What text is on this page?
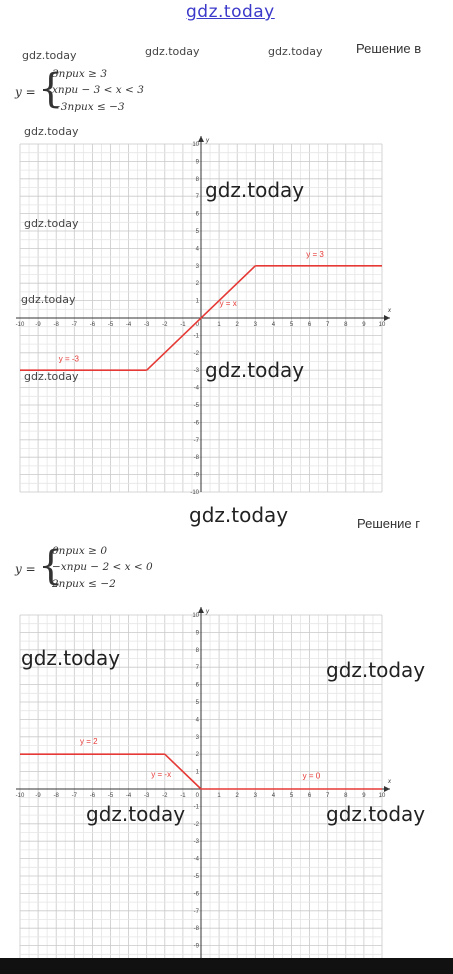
gdz.today
gdz.today	gdz.today	gdz.today	Решение в
y = {
3приx ≥ 3
xпри − 3 < x < 3
−3приx ≤ −3
x
y
-10 -9 -8 -7 -6 -5 -4 -3 -2 -1	1 2 3 4 5 6 7 8 9 10
-10
-9
-8
-7
-6
-5
-4
-3
-2
-1
1
2
3
4
5
6
7
8
9
10
0
y = -3
y = x
y = 3
gdz.today
gdz.today
gdz.today
gdz.today
gdz.today
gdz.today
gdz.today	Решение г
y = {
0приx ≥ 0
−xпри − 2 < x < 0
2приx ≤ −2
x
y
-10 -9 -8 -7 -6 -5 -4 -3 -2 -1	1 2 3 4 5 6 7 8 9 10
-9
-8
-7
-6
-5
-4
-3
-2
-1
1
2
3
4
5
6
7
8
9
10
0
y = 2
y = -x	y = 0
gdz.today	gdz.today
gdz.today	gdz.today
